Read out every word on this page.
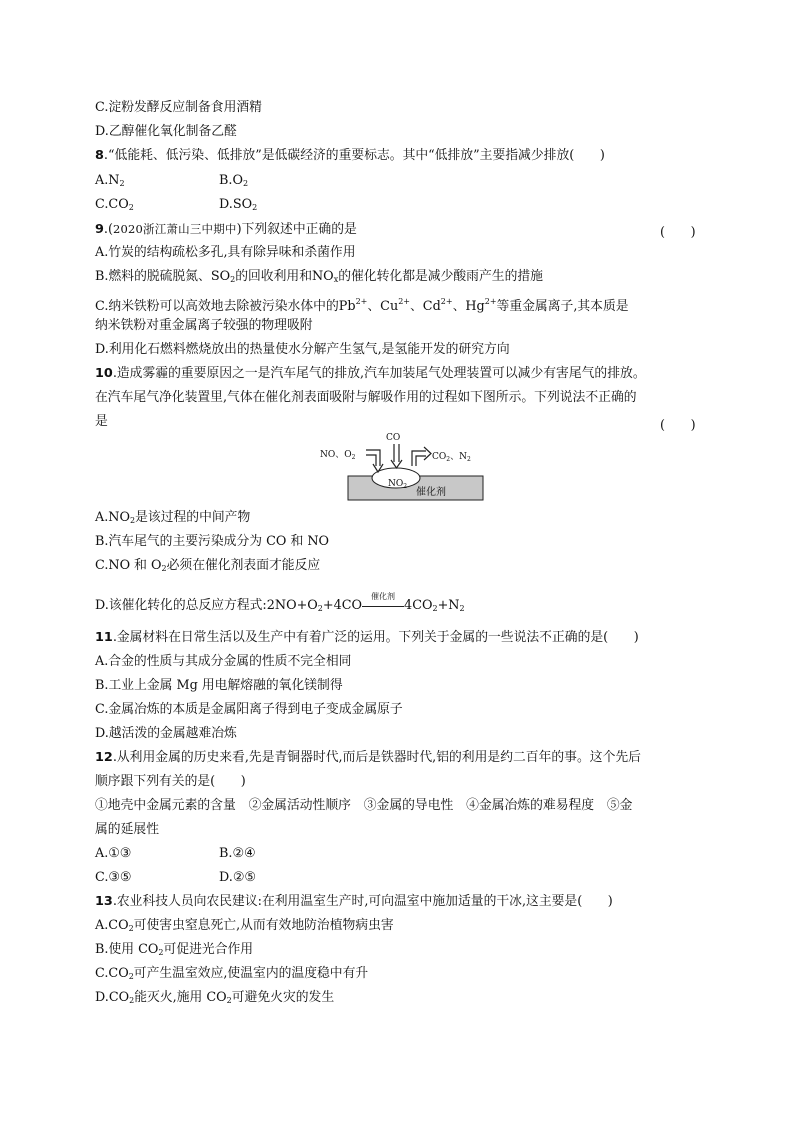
C.淀粉发酵反应制备食用酒精
D.乙醇催化氧化制备乙醛
8.“低能耗、低污染、低排放”是低碳经济的重要标志。其中“低排放”主要指减少排放(　　)
$A.N_2$	$B.O_2$
$C.CO_2$	$D.SO_2$
9.(2020浙江萧山三中期中)下列叙述中正确的是	(　　)
A.竹炭的结构疏松多孔,具有除异味和杀菌作用
B.燃料的脱硫脱氮、$SO_2$的回收利用和$NO_x$的催化转化都是减少酸雨产生的措施
C.纳米铁粉可以高效地去除被污染水体中的$Pb^{2+}$、$Cu^{2+}$、$Cd^{2+}$、$Hg^{2+}$等重金属离子,其本质是
纳米铁粉对重金属离子较强的物理吸附
D.利用化石燃料燃烧放出的热量使水分解产生氢气,是氢能开发的研究方向
10.造成雾霾的重要原因之一是汽车尾气的排放,汽车加装尾气处理装置可以减少有害尾气的排放。
在汽车尾气净化装置里,气体在催化剂表面吸附与解吸作用的过程如下图所示。下列说法不正确的
是	(　　)
催化剂
$NO_2$
NO、$O_2$
CO
$CO_2$、$N_2$
$A.NO_2$是该过程的中间产物
B.汽车尾气的主要污染成分为 CO 和 NO
C.NO 和 $O_2$必须在催化剂表面才能反应
D.该催化转化的总反应方程式$:2NO+O_2+4CO$
催化剂
$4CO_2+N_2$
11.金属材料在日常生活以及生产中有着广泛的运用。下列关于金属的一些说法不正确的是(　　)
A.合金的性质与其成分金属的性质不完全相同
B.工业上金属 Mg 用电解熔融的氧化镁制得
C.金属冶炼的本质是金属阳离子得到电子变成金属原子
D.越活泼的金属越难冶炼
12.从利用金属的历史来看,先是青铜器时代,而后是铁器时代,铝的利用是约二百年的事。这个先后
顺序跟下列有关的是(　　)
①地壳中金属元素的含量　②金属活动性顺序　③金属的导电性　④金属冶炼的难易程度　⑤金
属的延展性
A.①③	B.②④
C.③⑤	D.②⑤
13.农业科技人员向农民建议:在利用温室生产时,可向温室中施加适量的干冰,这主要是(　　)
$A.CO_2$可使害虫窒息死亡,从而有效地防治植物病虫害
B.使用 $CO_2$可促进光合作用
$C.CO_2$可产生温室效应,使温室内的温度稳中有升
$D.CO_2$能灭火,施用 $CO_2$可避免火灾的发生
